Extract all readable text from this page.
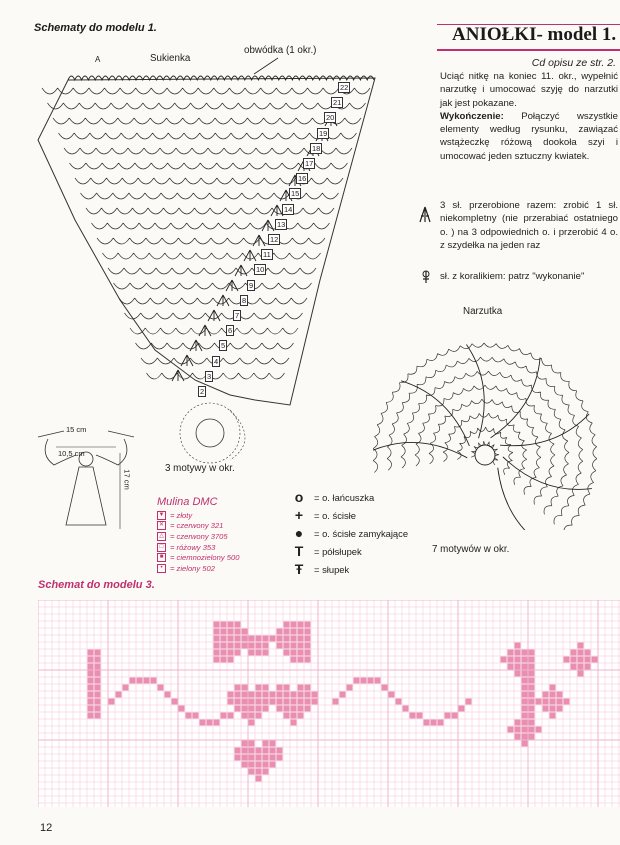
Schematy do modelu 1.	ANIOŁKI- model 1.
Cd opisu ze str. 2.
Uciąć nitkę na koniec 11. okr., wypełnić narzutkę i umocować szyję do narzutki jak jest pokazane.
Wykończenie: Połączyć wszystkie elementy według rysunku, zawiązać wstążeczkę różową dookoła szyi i umocować jeden sztuczny kwiatek.
3 sł. przerobione razem: zrobić 1 sł. niekompletny (nie przerabiać ostatniego o. ) na 3 odpowiednich o. i przerobić 4 o. z szydełka na jeden raz
sł. z koralikiem: patrz "wykonanie"
22
21
20
19
18
17
16
15
14
13
12
11
10
9
8
7
6
5
4
3
2
obwódka (1 okr.)
Sukienka
A
3 motywy w okr.
15 cm
10,5 cm
17 cm
Narzutka
7 motywów w okr.
o	= o. łańcuszka
+	= o. ścisłe
●	= o. ścisłe zamykające
T	= półsłupek
Ŧ	= słupek
Mulina DMC
▼ = złoty
✕ = czerwony 321
△ = czerwony 3705
□ = różowy 353
■ = ciemnozielony 500
• = zielony 502
Schemat do modelu 3.
12
